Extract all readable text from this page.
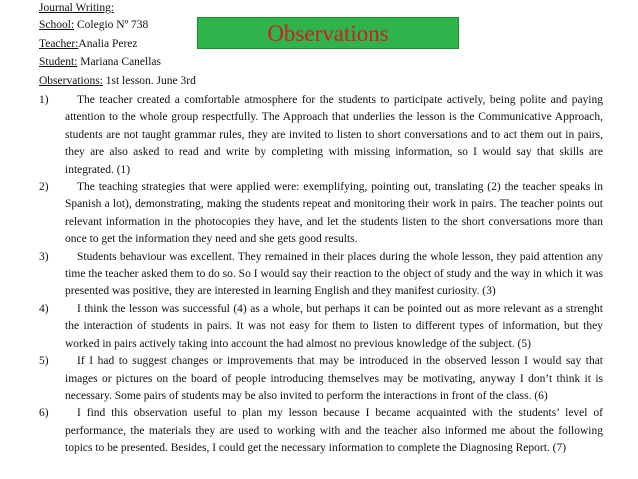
Journal Writing:
School: Colegio Nº 738
Teacher:Analia Perez
Student: Mariana Canellas
Observations: 1st lesson. June 3rd
Observations
1)	The teacher created a comfortable atmosphere for the students to participate actively, being polite and paying attention to the whole group respectfully. The Approach that underlies the lesson is the Communicative Approach, students are not taught grammar rules, they are invited to listen to short conversations and to act them out in pairs, they are also asked to read and write by completing with missing information, so I would say that skills are integrated. (1)
2)	The teaching strategies that were applied were: exemplifying, pointing out, translating (2) the teacher speaks in Spanish a lot), demonstrating, making the students repeat and monitoring their work in pairs. The teacher points out relevant information in the photocopies they have, and let the students listen to the short conversations more than once to get the information they need and she gets good results.
3)	Students behaviour was excellent. They remained in their places during the whole lesson, they paid attention any time the teacher asked them to do so. So I would say their reaction to the object of study and the way in which it was presented was positive, they are interested in learning English and they manifest curiosity. (3)
4)	I think the lesson was successful (4) as a whole, but perhaps it can be pointed out as more relevant as a strenght the interaction of students in pairs. It was not easy for them to listen to different types of information, but they worked in pairs actively taking into account the had almost no previous knowledge of the subject. (5)
5)	If I had to suggest changes or improvements that may be introduced in the observed lesson I would say that images or pictures on the board of people introducing themselves may be motivating, anyway I don’t think it is necessary. Some pairs of students may be also invited to perform the interactions in front of the class. (6)
6)	I find this observation useful to plan my lesson because I became acquainted with the students’ level of performance, the materials they are used to working with and the teacher also informed me about the following topics to be presented. Besides, I could get the necessary information to complete the Diagnosing Report. (7)
